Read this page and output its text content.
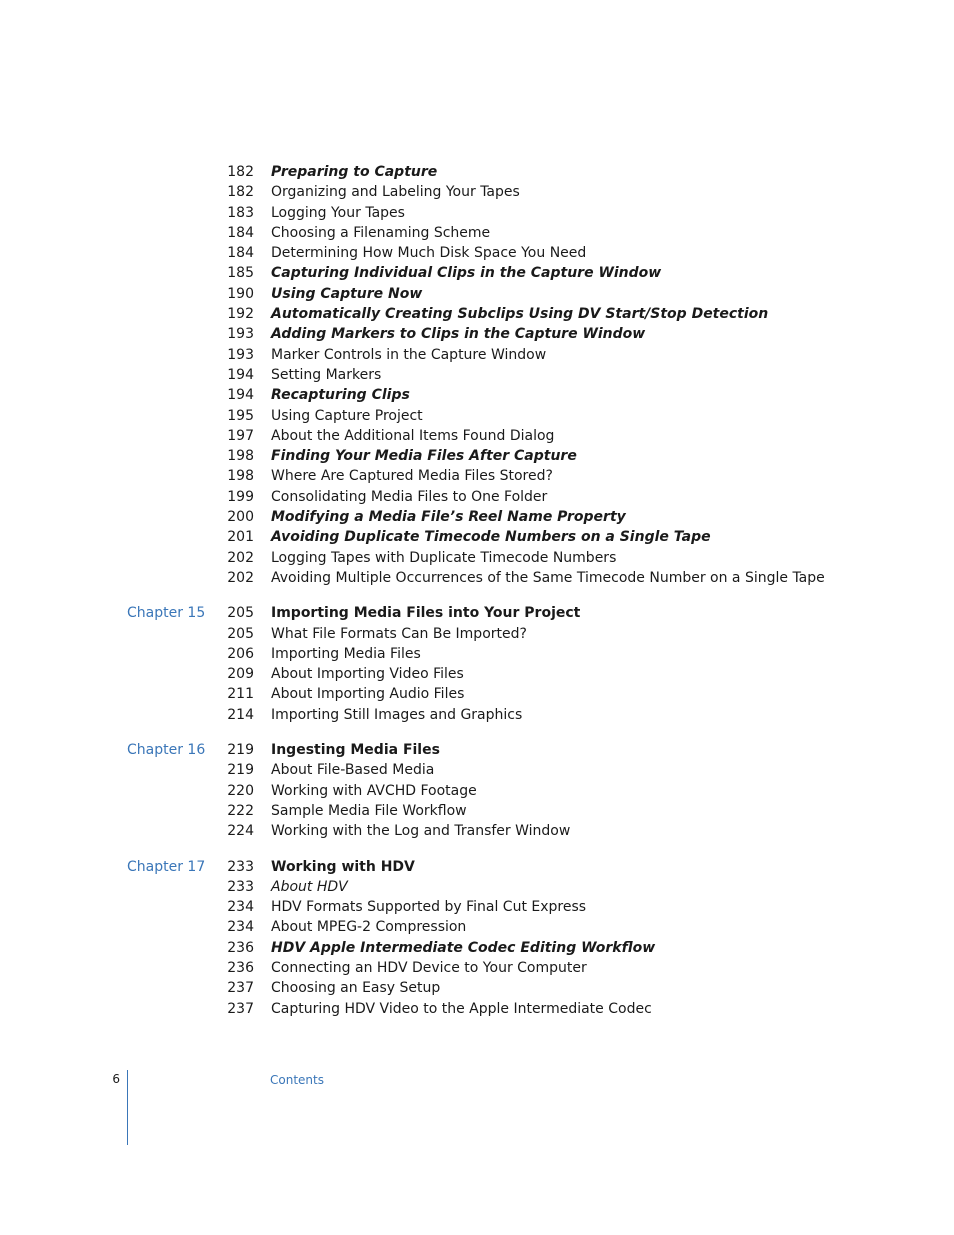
182 Preparing to Capture
182 Organizing and Labeling Your Tapes
183 Logging Your Tapes
184 Choosing a Filenaming Scheme
184 Determining How Much Disk Space You Need
185 Capturing Individual Clips in the Capture Window
190 Using Capture Now
192 Automatically Creating Subclips Using DV Start/Stop Detection
193 Adding Markers to Clips in the Capture Window
193 Marker Controls in the Capture Window
194 Setting Markers
194 Recapturing Clips
195 Using Capture Project
197 About the Additional Items Found Dialog
198 Finding Your Media Files After Capture
198 Where Are Captured Media Files Stored?
199 Consolidating Media Files to One Folder
200 Modifying a Media File’s Reel Name Property
201 Avoiding Duplicate Timecode Numbers on a Single Tape
202 Logging Tapes with Duplicate Timecode Numbers
202 Avoiding Multiple Occurrences of the Same Timecode Number on a Single Tape
Chapter 15	205 Importing Media Files into Your Project
205 What File Formats Can Be Imported?
206 Importing Media Files
209 About Importing Video Files
211 About Importing Audio Files
214 Importing Still Images and Graphics
Chapter 16	219 Ingesting Media Files
219 About File-Based Media
220 Working with AVCHD Footage
222 Sample Media File Workflow
224 Working with the Log and Transfer Window
Chapter 17	233 Working with HDV
233 About HDV
234 HDV Formats Supported by Final Cut Express
234 About MPEG-2 Compression
236 HDV Apple Intermediate Codec Editing Workflow
236 Connecting an HDV Device to Your Computer
237 Choosing an Easy Setup
237 Capturing HDV Video to the Apple Intermediate Codec
6	Contents
